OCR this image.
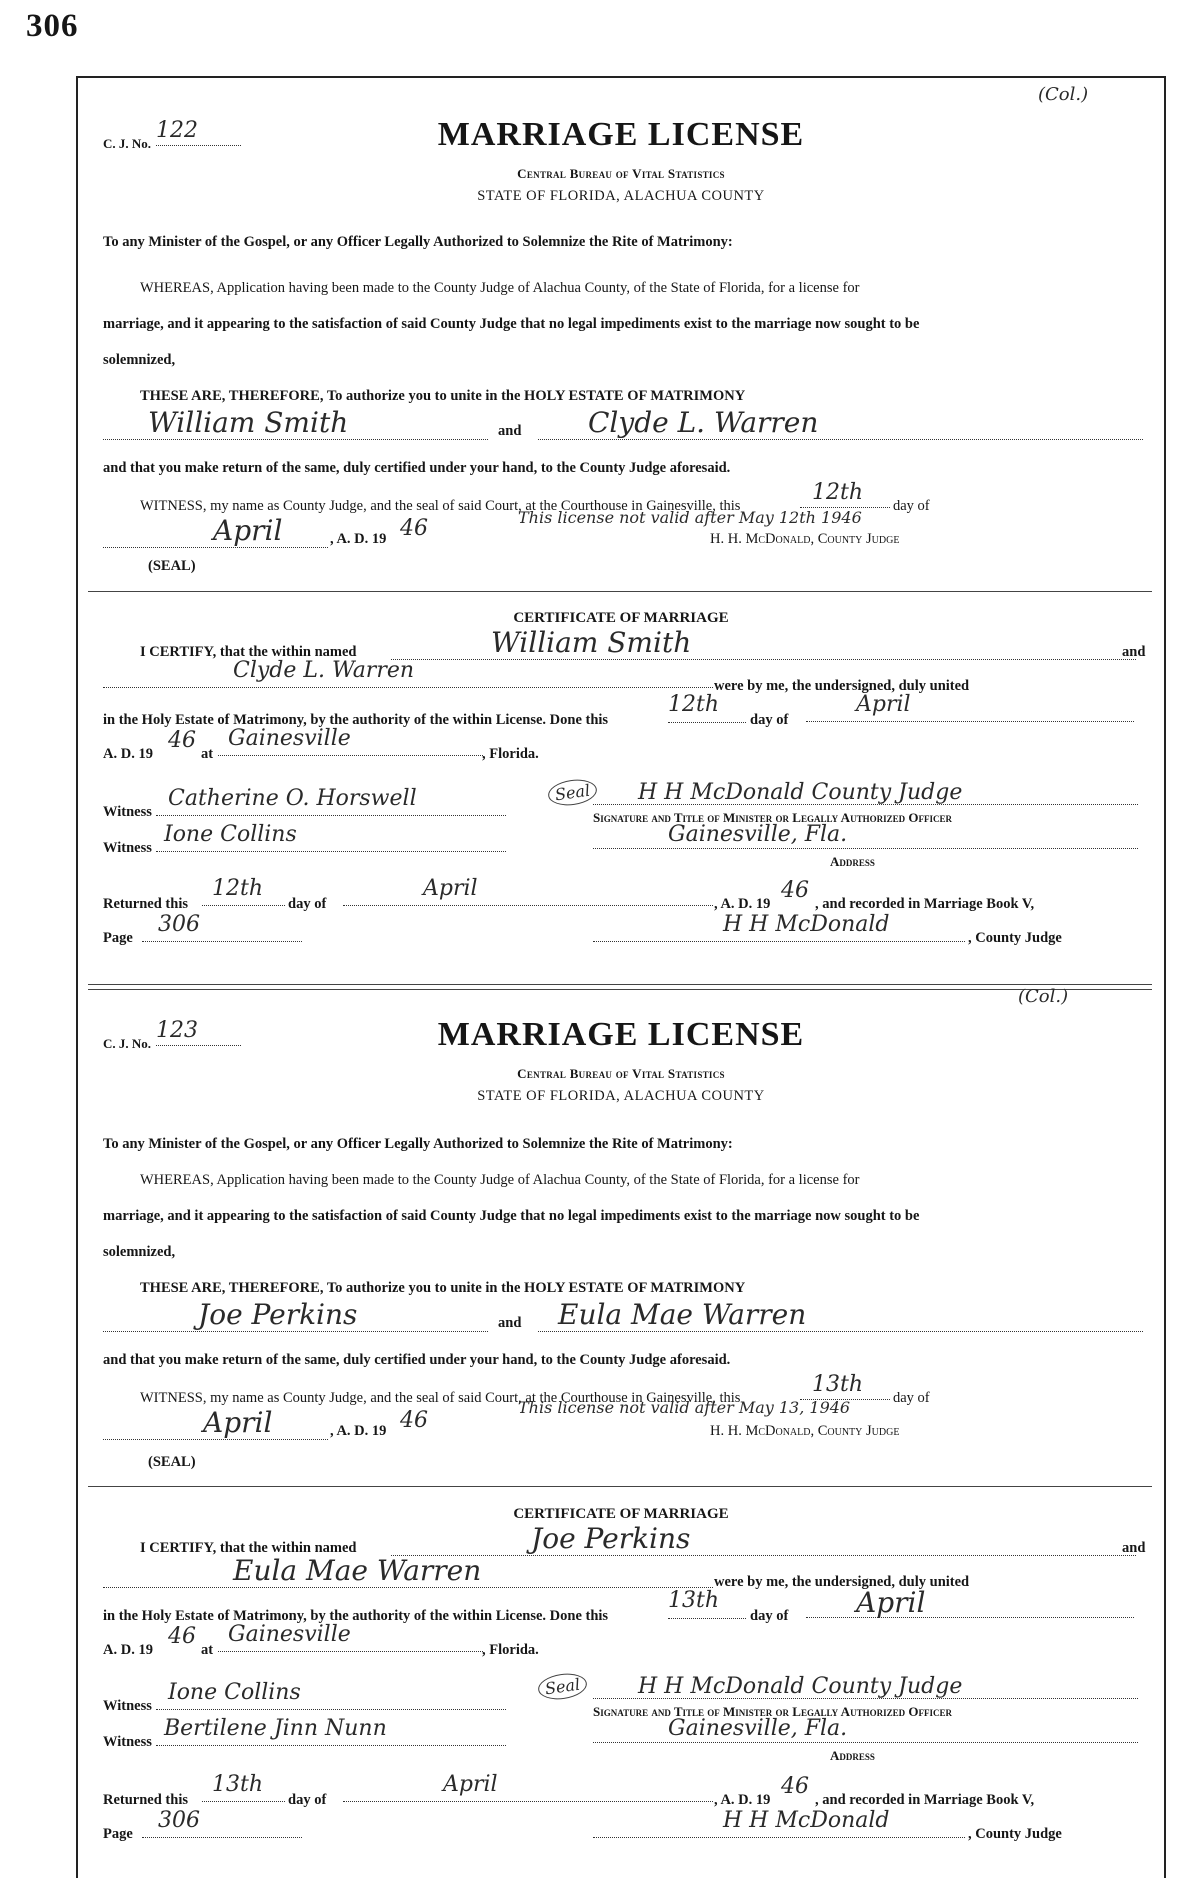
306
(Col.)
C. J. No.
122	MARRIAGE LICENSE
Central Bureau of Vital Statistics
STATE OF FLORIDA, ALACHUA COUNTY
To any Minister of the Gospel, or any Officer Legally Authorized to Solemnize the Rite of Matrimony:
WHEREAS, Application having been made to the County Judge of Alachua County, of the State of Florida, for a license for
marriage, and it appearing to the satisfaction of said County Judge that no legal impediments exist to the marriage now sought to be
solemnized,
THESE ARE, THEREFORE, To authorize you to unite in the HOLY ESTATE OF MATRIMONY
William Smith	and	Clyde L. Warren
and that you make return of the same, duly certified under your hand, to the County Judge aforesaid.
WITNESS, my name as County Judge, and the seal of said Court, at the Courthouse in Gainesville, this
12th
day of
This license not valid after May 12th 1946
April	, A. D. 19 46	H. H. McDonald, County Judge
(SEAL)
CERTIFICATE OF MARRIAGE
I CERTIFY, that the within named	William Smith	and
Clyde L. Warren
were by me, the undersigned, duly united
in the Holy Estate of Matrimony, by the authority of the within License. Done this
12th
day of
April
A. D. 19
46
at
Gainesville
, Florida.
Seal	H H McDonald County Judge
Witness
Catherine O. Horswell
Signature and Title of Minister or Legally Authorized Officer
Witness
Ione Collins	Gainesville, Fla.
Address
Returned this
12th
day of
April
, A. D. 19
46
, and recorded in Marriage Book V,
Page
306	H H McDonald
, County Judge
(Col.)
C. J. No.
123	MARRIAGE LICENSE
Central Bureau of Vital Statistics
STATE OF FLORIDA, ALACHUA COUNTY
To any Minister of the Gospel, or any Officer Legally Authorized to Solemnize the Rite of Matrimony:
WHEREAS, Application having been made to the County Judge of Alachua County, of the State of Florida, for a license for
marriage, and it appearing to the satisfaction of said County Judge that no legal impediments exist to the marriage now sought to be
solemnized,
THESE ARE, THEREFORE, To authorize you to unite in the HOLY ESTATE OF MATRIMONY
Joe Perkins	and	Eula Mae Warren
and that you make return of the same, duly certified under your hand, to the County Judge aforesaid.
WITNESS, my name as County Judge, and the seal of said Court, at the Courthouse in Gainesville, this
13th
day of
This license not valid after May 13, 1946
April	, A. D. 19 46	H. H. McDonald, County Judge
(SEAL)
CERTIFICATE OF MARRIAGE
I CERTIFY, that the within named	Joe Perkins	and
Eula Mae Warren	were by me, the undersigned, duly united
in the Holy Estate of Matrimony, by the authority of the within License. Done this
13th
day of	April
A. D. 19
46
at
Gainesville
, Florida.
Seal	H H McDonald County Judge
Witness
Ione Collins
Signature and Title of Minister or Legally Authorized Officer
Witness
Bertilene Jinn Nunn	Gainesville, Fla.
Address
Returned this
13th
day of
April
, A. D. 19
46
, and recorded in Marriage Book V,
Page
306	H H McDonald
, County Judge
